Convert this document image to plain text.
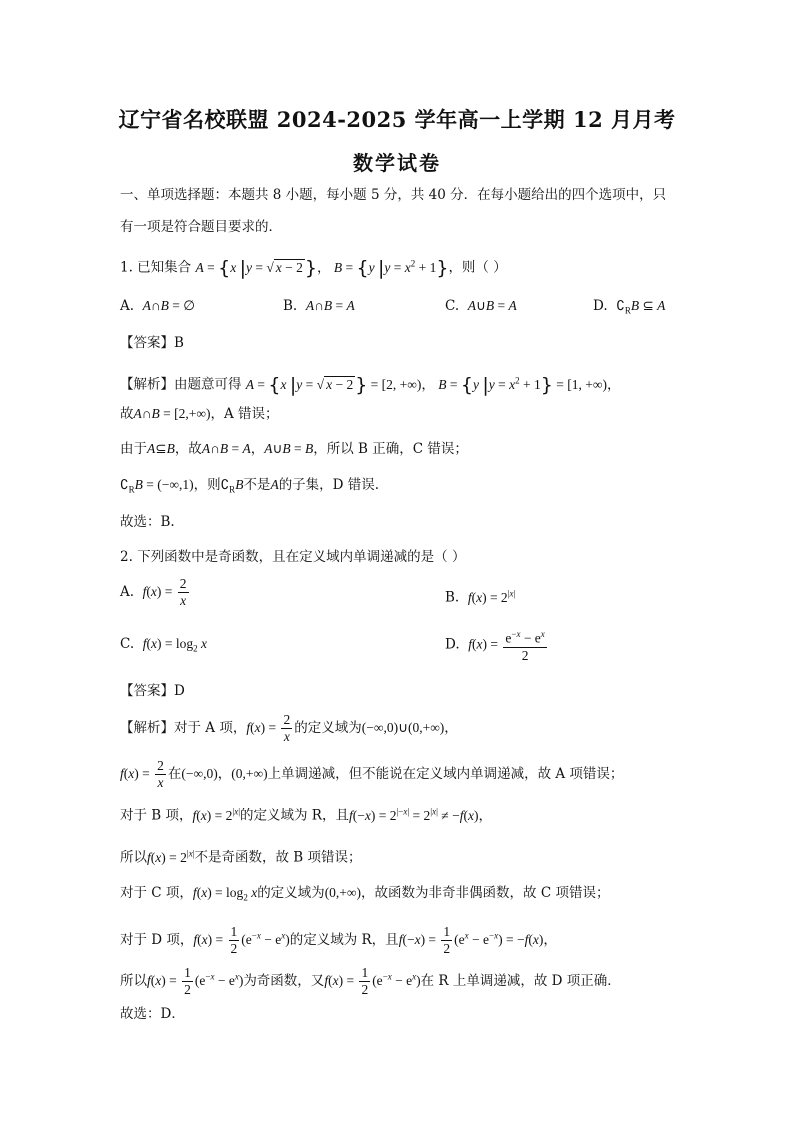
辽宁省名校联盟 2024-2025 学年高一上学期 12 月月考
数学试卷
一、单项选择题：本题共 8 小题，每小题 5 分，共 40 分．在每小题给出的四个选项中，只
有一项是符合题目要求的．
1. 已知集合 A = {x |y = √ x − 2 }， B = {y $|y = x^2 + 1$}，则（ ）
A. A∩B = ∅	B. A∩B = A	C. A∪B = A	D. $∁_RB$ ⊆ A
【答案】B
【解析】由题意可得 A = {x |y = √ x − 2 } = [2, +∞)， B = {y $|y = x^2 + 1\} = [1$, +∞)，
故A∩B = [2,+∞)，A 错误；
由于A⊆B，故A∩B = A，A∪B = B，所以 B 正确，C 错误；
$∁_RB = (-\infty,1)$，则$∁_RB$不是A的子集，D 错误.
故选：B.
2. 下列函数中是奇函数，且在定义域内单调递减的是（ ）
A. $f(x) = \frac{2}{x}$	B. $f(x) = 2^{|x|}$
C. $f(x) = \log_2 x$	D. $f(x) = \frac{e^{-x} - e^x}{2}$
【答案】D
【解析】对于 A 项，$f(x) = \frac{2}{x}$ 的定义域为(−∞,0)∪(0,+∞)，
$f(x) = \frac{2}{x}$ 在(−∞,0)，(0,+∞)上单调递减，但不能说在定义域内单调递减，故 A 项错误；
对于 B 项，$f(x) = 2^{|x|}$的定义域为 R，且$f(-x) = 2^{|-x|} = 2^{|x|} \ne -f(x)$，
所以$f(x) = 2^{|x|}$不是奇函数，故 B 项错误；
对于 C 项，$f(x) = \log_2 x$的定义域为(0,+∞)，故函数为非奇非偶函数，故 C 项错误；
对于 D 项，$f(x) = \frac{1}{2} (e^{-x} - e^x)$的定义域为 R，且$f(-x) = \frac{1}{2} (e^x - e^{-x}) = -f(x)$，
所以$f(x) = \frac{1}{2} (e^{-x} - e^x)$为奇函数，又$f(x) = \frac{1}{2} (e^{-x} - e^x)$在 R 上单调递减，故 D 项正确．
故选：D．
